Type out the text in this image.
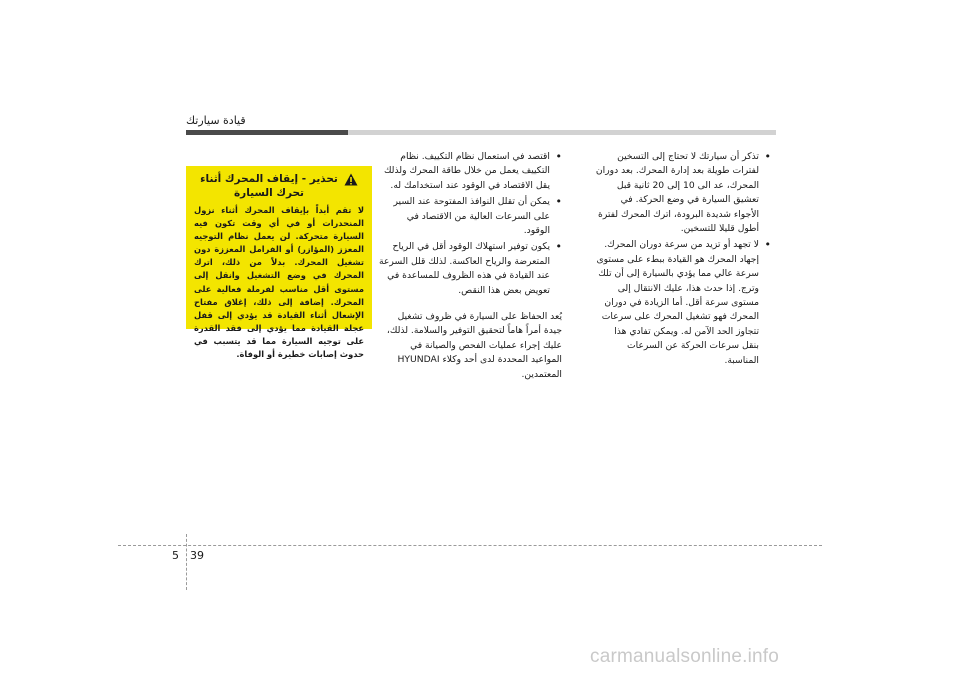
قيادة سيارتك
تحذير - إيقاف المحرك أثناء
تحرك السيارة
لا تقم أبداً بإيقاف المحرك أثناء نزول المنحدرات أو في أي وقت تكون فيه السيارة متحركة. لن يعمل نظام التوجيه المعزز (المؤازر) أو الفرامل المعززة دون تشغيل المحرك. بدلاً من ذلك، اترك المحرك في وضع التشغيل وانقل إلى مستوى أقل مناسب لفرملة فعالية على المحرك. إضافة إلى ذلك، إغلاق مفتاح الإشعال أثناء القيادة قد يؤدي إلى قفل عجلة القيادة مما يؤدي إلى فقد القدرة على توجيه السيارة مما قد يتسبب في حدوث إصابات خطيرة أو الوفاة.
•
تذكر أن سيارتك لا تحتاج إلى التسخين لفترات طويلة بعد إدارة المحرك. بعد دوران المحرك، عد الى 10 إلى 20 ثانية قبل تعشيق السيارة في وضع الحركة. في الأجواء شديدة البرودة، اترك المحرك لفترة أطول قليلا للتسخين.
•
لا تجهد أو تزيد من سرعة دوران المحرك. إجهاد المحرك هو القيادة ببطء على مستوى سرعة عالي مما يؤدي بالسيارة إلى أن تلك وترج. إذا حدث هذا، عليك الانتقال إلى مستوى سرعة أقل. أما الزيادة في دوران المحرك فهو تشغيل المحرك على سرعات تتجاوز الحد الآمن له. ويمكن تفادي هذا بنقل سرعات الحركة عن السرعات المناسبة.
•
اقتصد في استعمال نظام التكييف. نظام التكييف يعمل من خلال طاقة المحرك ولذلك يقل الاقتصاد في الوقود عند استخدامك له.
•
يمكن أن تقلل النوافذ المفتوحة عند السير على السرعات العالية من الاقتصاد في الوقود.
•
يكون توفير استهلاك الوقود أقل في الرياح المتعرضة والرياح العاكسة. لذلك قلل السرعة عند القيادة في هذه الظروف للمساعدة في تعويض بعض هذا النقص.
يُعد الحفاظ على السيارة في ظروف تشغيل جيدة أمراً هاماً لتحقيق التوفير والسلامة. لذلك، عليك إجراء عمليات الفحص والصيانة في المواعيد المحددة لدى أحد وكلاء HYUNDAI المعتمدين.
5 39
carmanualsonline.info
